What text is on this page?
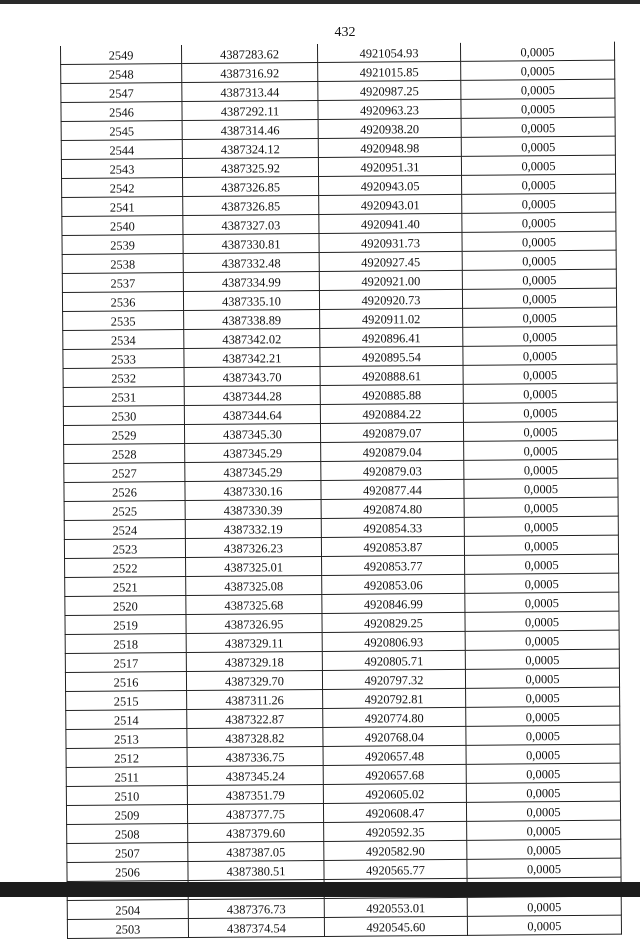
432
2549	4387283.62	4921054.93	0,0005
2548	4387316.92	4921015.85	0,0005
2547	4387313.44	4920987.25	0,0005
2546	4387292.11	4920963.23	0,0005
2545	4387314.46	4920938.20	0,0005
2544	4387324.12	4920948.98	0,0005
2543	4387325.92	4920951.31	0,0005
2542	4387326.85	4920943.05	0,0005
2541	4387326.85	4920943.01	0,0005
2540	4387327.03	4920941.40	0,0005
2539	4387330.81	4920931.73	0,0005
2538	4387332.48	4920927.45	0,0005
2537	4387334.99	4920921.00	0,0005
2536	4387335.10	4920920.73	0,0005
2535	4387338.89	4920911.02	0,0005
2534	4387342.02	4920896.41	0,0005
2533	4387342.21	4920895.54	0,0005
2532	4387343.70	4920888.61	0,0005
2531	4387344.28	4920885.88	0,0005
2530	4387344.64	4920884.22	0,0005
2529	4387345.30	4920879.07	0,0005
2528	4387345.29	4920879.04	0,0005
2527	4387345.29	4920879.03	0,0005
2526	4387330.16	4920877.44	0,0005
2525	4387330.39	4920874.80	0,0005
2524	4387332.19	4920854.33	0,0005
2523	4387326.23	4920853.87	0,0005
2522	4387325.01	4920853.77	0,0005
2521	4387325.08	4920853.06	0,0005
2520	4387325.68	4920846.99	0,0005
2519	4387326.95	4920829.25	0,0005
2518	4387329.11	4920806.93	0,0005
2517	4387329.18	4920805.71	0,0005
2516	4387329.70	4920797.32	0,0005
2515	4387311.26	4920792.81	0,0005
2514	4387322.87	4920774.80	0,0005
2513	4387328.82	4920768.04	0,0005
2512	4387336.75	4920657.48	0,0005
2511	4387345.24	4920657.68	0,0005
2510	4387351.79	4920605.02	0,0005
2509	4387377.75	4920608.47	0,0005
2508	4387379.60	4920592.35	0,0005
2507	4387387.05	4920582.90	0,0005
2506	4387380.51	4920565.77	0,0005

2504	4387376.73	4920553.01	0,0005
2503	4387374.54	4920545.60	0,0005
